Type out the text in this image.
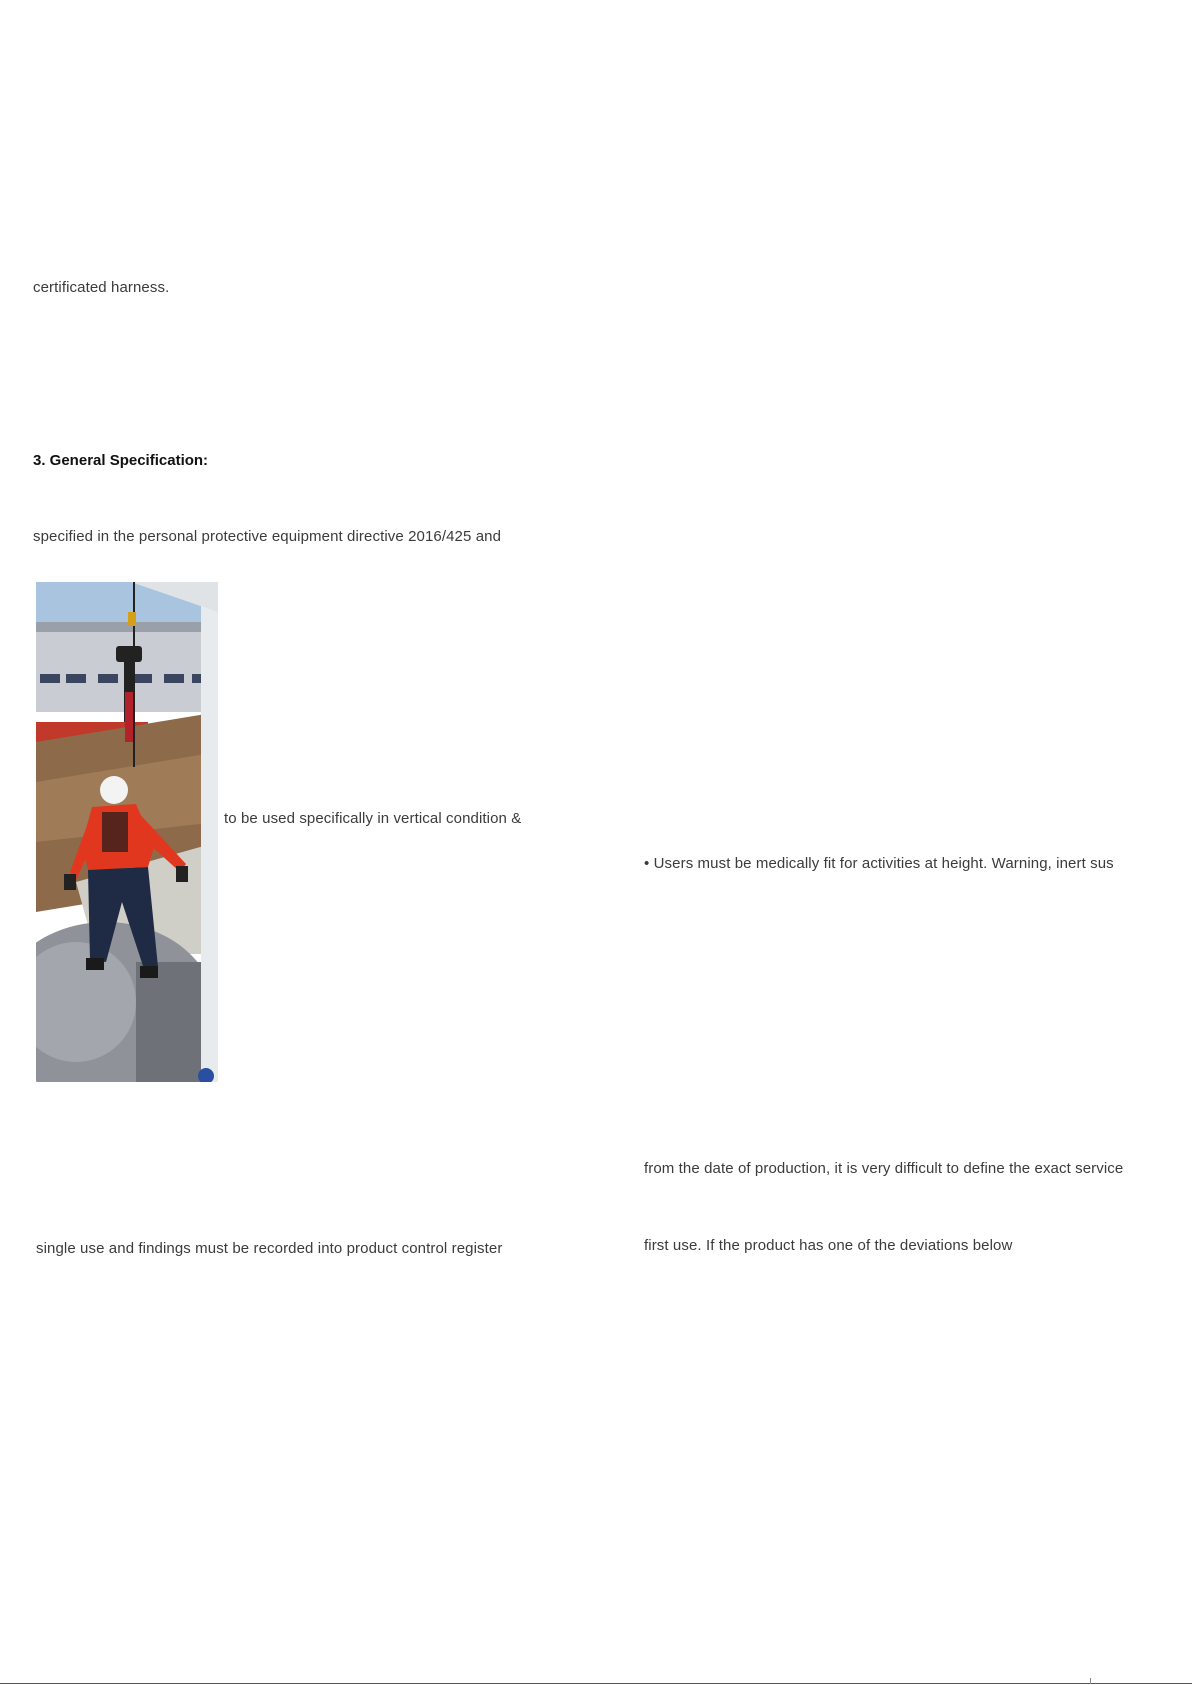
certificated harness.
3. General Specification:
specified in the personal protective equipment directive 2016/425 and
to be used specifically in vertical condition &
• Users must be medically fit for activities at height. Warning, inert sus
from the date of production, it is very difficult to define the exact service
single use and findings must be recorded into product control register	first use. If the product has one of the deviations below
